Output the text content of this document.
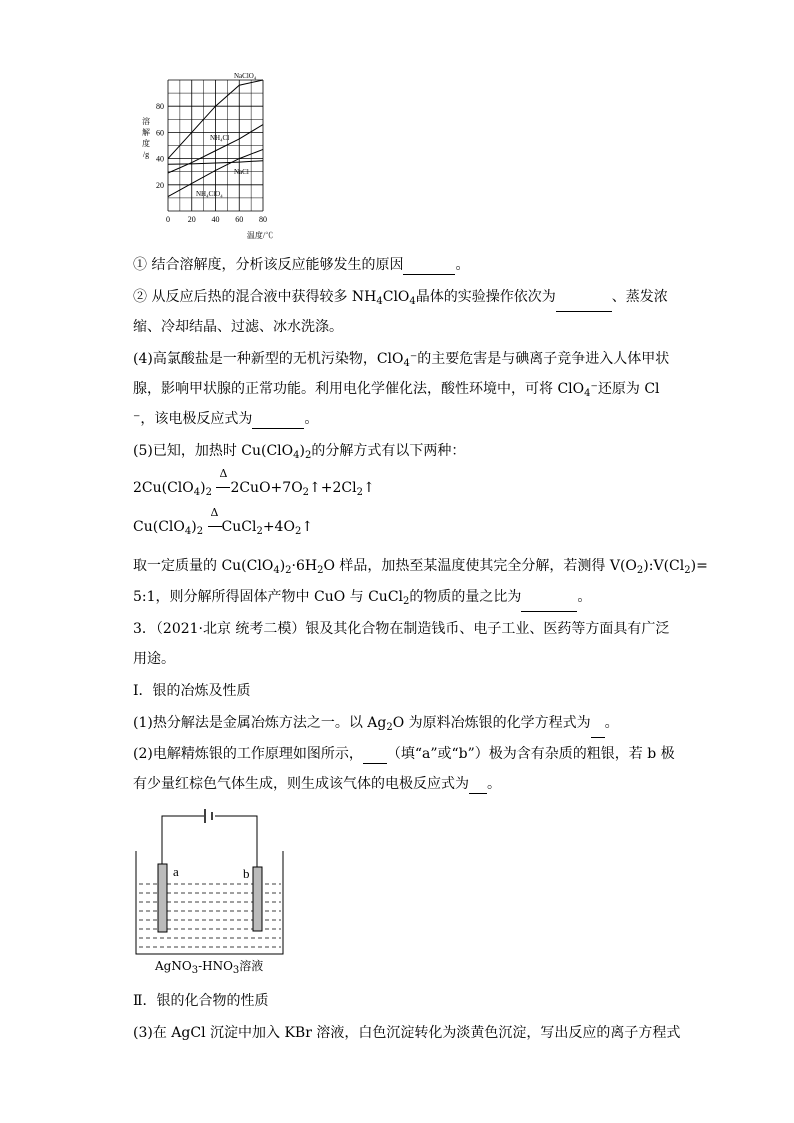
20
40
60
80
0 20 40 60 80
溶
解
度
/g
温度/℃
NaClO₄
NH₄Cl
NaCl
NH₄ClO₄
① 结合溶解度，分析该反应能够发生的原因	。
② 从反应后热的混合液中获得较多 $NH_4ClO_4$晶体的实验操作依次为	、蒸发浓
缩、冷却结晶、过滤、冰水洗涤。
(4)高氯酸盐是一种新型的无机污染物，ClO$_4$⁻的主要危害是与碘离子竞争进入人体甲状
腺，影响甲状腺的正常功能。利用电化学催化法，酸性环境中，可将 ClO$_4$⁻还原为 Cl
⁻，该电极反应式为	。
(5)已知，加热时 $Cu(ClO_4)_2$的分解方式有以下两种：
$2Cu(ClO_4)_2$
Δ
$2CuO+7O_2↑+2Cl_2↑$
$Cu(ClO_4)_2$
Δ
$CuCl_2+4O_2↑$
取一定质量的 $Cu(ClO_4)_2\cdot 6H_2O$ 样品，加热至某温度使其完全分解，若测得 $V(O_2):V(Cl_2)=$
5:1，则分解所得固体产物中 CuO 与 CuCl$_2$的物质的量之比为	。
3．（2021·北京 统考二模）银及其化合物在制造钱币、电子工业、医药等方面具有广泛
用途。
Ⅰ．银的冶炼及性质
(1)热分解法是金属冶炼方法之一。以 $Ag_2O$ 为原料冶炼银的化学方程式为 。
(2)电解精炼银的工作原理如图所示， （填“a”或“b”）极为含有杂质的粗银，若 b 极
有少量红棕色气体生成，则生成该气体的电极反应式为 。
a	b
$AgNO_3-HNO_3$溶液
Ⅱ．银的化合物的性质
(3)在 AgCl 沉淀中加入 KBr 溶液，白色沉淀转化为淡黄色沉淀，写出反应的离子方程式
